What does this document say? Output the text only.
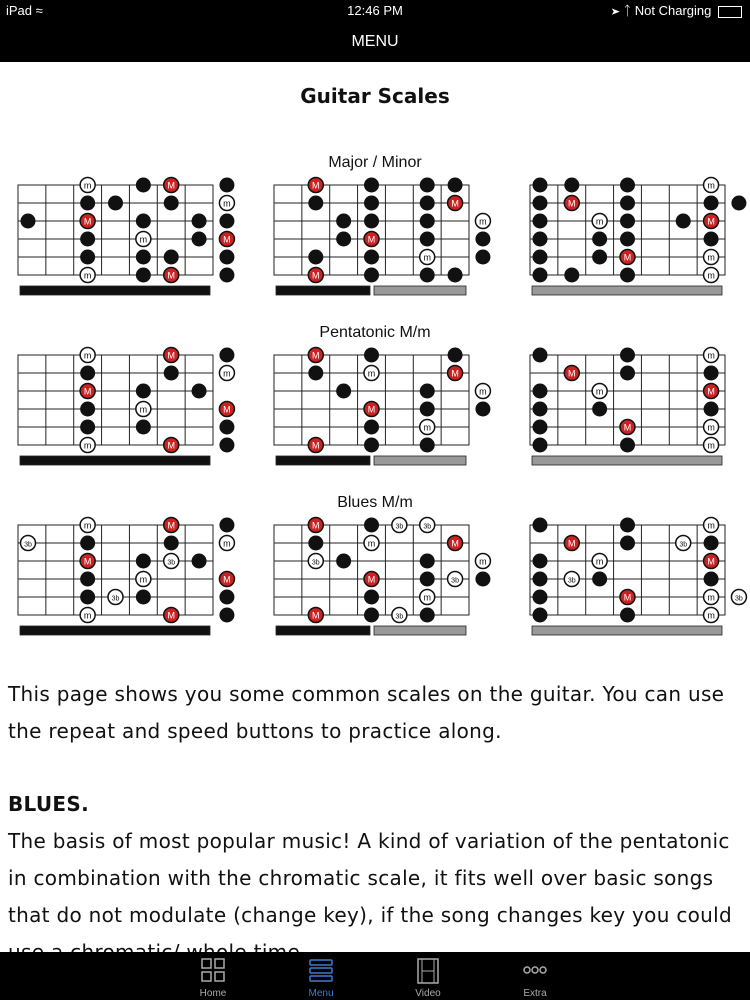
iPad ≈	12:46 PM	➤ ᛏ Not Charging
MENU
Guitar Scales
Major / Minor
Pentatonic M/m
Blues M/m
m	M
m
M
m	M
m	M
M
M
m
M
m
M
m
M
m	M
M	m
m
m	M
m
M
m	M
m	M
M
m	M
m
M
m
M
m
M
m	M
M	m
m
m	M
3b	m
M	3b
m	M
3b
m	M
M	3b	3b
m	M
3b	m
M	3b
m
M	3b
m
M	3b
m	M
3b
M	m	3b
m

This page shows you some common scales on the guitar. You can use the repeat and speed buttons to practice along.

BLUES.

The basis of most popular music! A kind of variation of the pentatonic in combination with the chromatic scale, it fits well over basic songs that do not modulate (change key), if the song changes key you could

Home	Menu	Video	Extra
